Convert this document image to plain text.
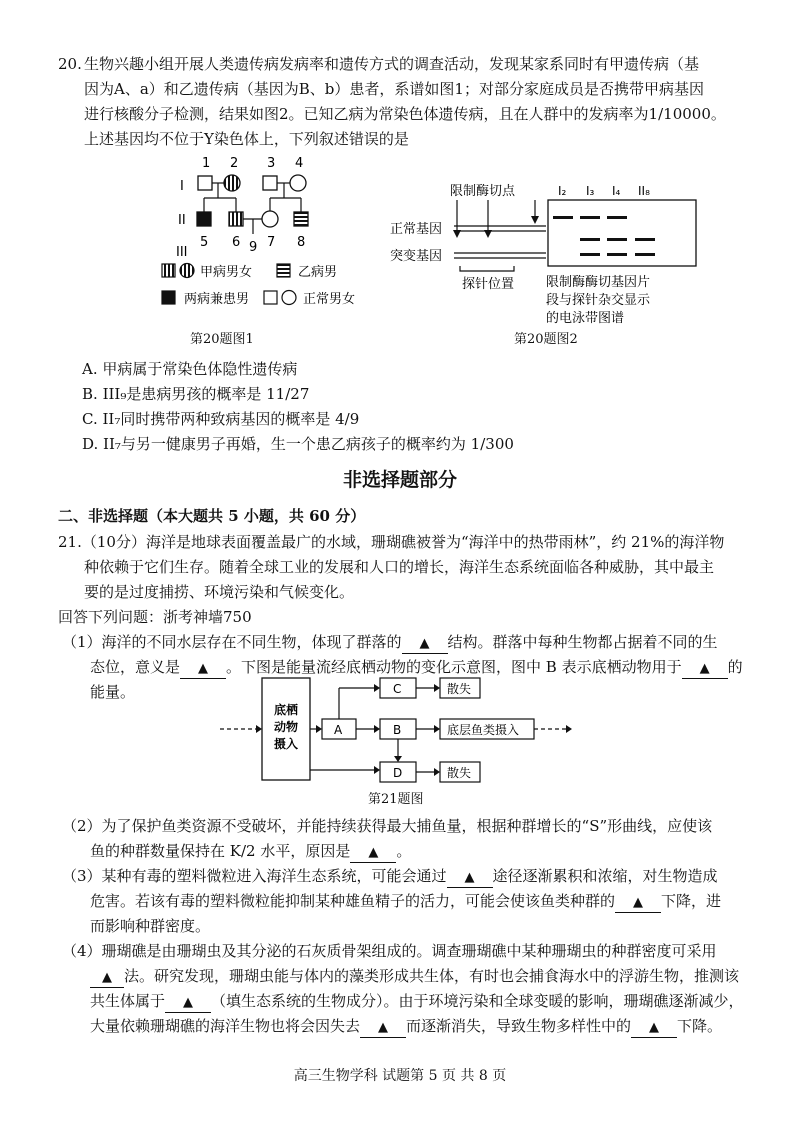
20. 生物兴趣小组开展人类遗传病发病率和遗传方式的调查活动，发现某家系同时有甲遗传病（基
因为A、a）和乙遗传病（基因为B、b）患者，系谱如图1；对部分家庭成员是否携带甲病基因
进行核酸分子检测，结果如图2。已知乙病为常染色体遗传病，且在人群中的发病率为1/10000。
上述基因均不位于Y染色体上，下列叙述错误的是
1 2 3 4
I
II
III
5 6 9 7 8
甲病男女	乙病男
两病兼患男	正常男女
第20题图1
限制酶切点
正常基因
突变基因
探针位置
I₂ I₃ I₄ II₈
限制酶酶切基因片
段与探针杂交显示
的电泳带图谱
第20题图2
A. 甲病属于常染色体隐性遗传病
B. III₉是患病男孩的概率是 11/27
C. II₇同时携带两种致病基因的概率是 4/9
D. II₇与另一健康男子再婚，生一个患乙病孩子的概率约为 1/300
非选择题部分
二、非选择题（本大题共 5 小题，共 60 分）
21.（10分）海洋是地球表面覆盖最广的水域，珊瑚礁被誉为“海洋中的热带雨林”，约 21%的海洋物
种依赖于它们生存。随着全球工业的发展和人口的增长，海洋生态系统面临各种威胁，其中最主
要的是过度捕捞、环境污染和气候变化。
回答下列问题：浙考神墙750
（1）海洋的不同水层存在不同生物，体现了群落的 ▲ 结构。群落中每种生物都占据着不同的生
态位，意义是 ▲ 。下图是能量流经底栖动物的变化示意图，图中 B 表示底栖动物用于 ▲ 的
能量。
底栖
动物
摄入
A
C	散失
B	底层鱼类摄入
D	散失
第21题图
（2）为了保护鱼类资源不受破坏，并能持续获得最大捕鱼量，根据种群增长的“S”形曲线，应使该
鱼的种群数量保持在 K/2 水平，原因是 ▲ 。
（3）某种有毒的塑料微粒进入海洋生态系统，可能会通过 ▲ 途径逐渐累积和浓缩，对生物造成
危害。若该有毒的塑料微粒能抑制某种雄鱼精子的活力，可能会使该鱼类种群的 ▲ 下降，进
而影响种群密度。
（4）珊瑚礁是由珊瑚虫及其分泌的石灰质骨架组成的。调查珊瑚礁中某种珊瑚虫的种群密度可采用
▲ 法。研究发现，珊瑚虫能与体内的藻类形成共生体，有时也会捕食海水中的浮游生物，推测该
共生体属于 ▲ （填生态系统的生物成分）。由于环境污染和全球变暖的影响，珊瑚礁逐渐减少，
大量依赖珊瑚礁的海洋生物也将会因失去 ▲ 而逐渐消失，导致生物多样性中的 ▲ 下降。
高三生物学科 试题第 5 页 共 8 页
